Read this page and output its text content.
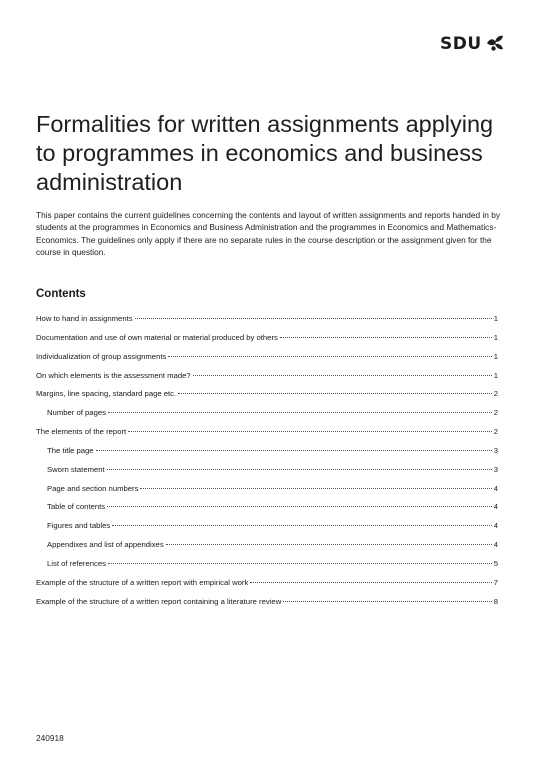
SDU
Formalities for written assignments applying to programmes in economics and business administration

This paper contains the current guidelines concerning the contents and layout of written assignments and reports handed in by students at the programmes in Economics and Business Administration and the programmes in Economics and Mathematics-Economics. The guidelines only apply if there are no separate rules in the course description or the assignment given for the course in question.

Contents
How to hand in assignments	1
Documentation and use of own material or material produced by others	1
Individualization of group assignments	1
On which elements is the assessment made?	1
Margins, line spacing, standard page etc.	2
Number of pages	2
The elements of the report	2
The title page	3
Sworn statement	3
Page and section numbers	4
Table of contents	4
Figures and tables	4
Appendixes and list of appendixes	4
List of references	5
Example of the structure of a written report with empirical work	7
Example of the structure of a written report containing a literature review	8
240918
